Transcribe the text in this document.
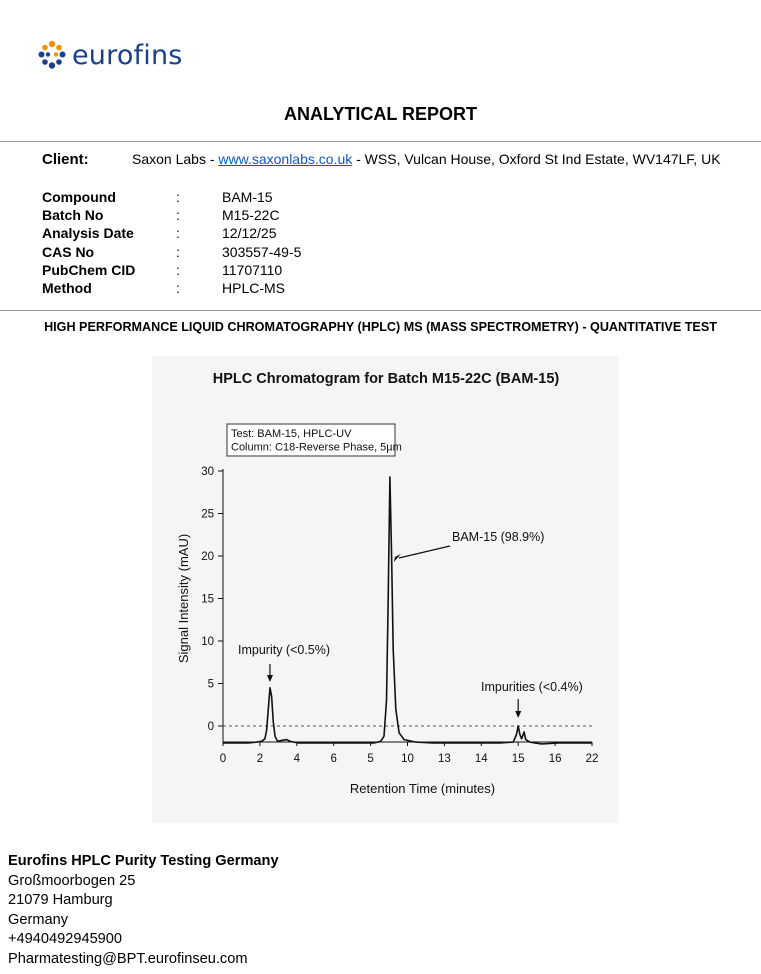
eurofins
ANALYTICAL REPORT
Client:	Saxon Labs - www.saxonlabs.co.uk - WSS, Vulcan House, Oxford St Ind Estate, WV147LF, UK
Compound	:	BAM-15
Batch No	:	M15-22C
Analysis Date	:	12/12/25
CAS No	:	303557-49-5
PubChem CID	:	11707110
Method	:	HPLC-MS
HIGH PERFORMANCE LIQUID CHROMATOGRAPHY (HPLC) MS (MASS SPECTROMETRY) - QUANTITATIVE TEST
HPLC Chromatogram for Batch M15-22C (BAM-15)
Test: BAM-15, HPLC-UV
Column: C18-Reverse Phase, 5µm
30
25
20
15
10
5
0
Signal Intensity (mAU)
0	2	4	6	5 10 13 14 15 16 22
Retention Time (minutes)
Impurity (<0.5%)
BAM-15 (98.9%)
Impurities (<0.4%)
Eurofins HPLC Purity Testing Germany
Großmoorbogen 25
21079 Hamburg
Germany
+4940492945900
Pharmatesting@BPT.eurofinseu.com
